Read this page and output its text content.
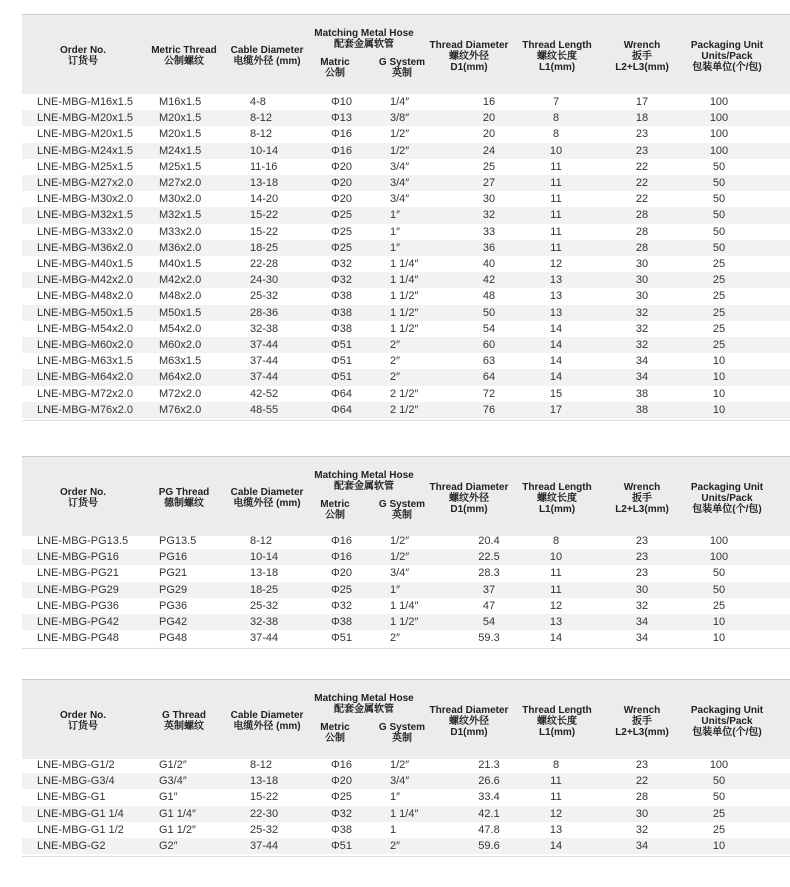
Order No.
订货号
Metric Thread
公制螺纹
Cable Diameter
电缆外径 (mm)
Matching Metal Hose
配套金属软管
Matric
公制
G System
英制
Thread Diameter
螺纹外径
D1(mm)
Thread Length
螺纹长度
L1(mm)
Wrench
扳手
L2+L3(mm)
Packaging Unit
Units/Pack
包装单位(个/包)
LNE-MBG-M16x1.5 M16x1.5	4-8	Φ10	1/4″	16	7	17	100
LNE-MBG-M20x1.5 M20x1.5	8-12	Φ13	3/8″	20	8	18	100
LNE-MBG-M20x1.5 M20x1.5	8-12	Φ16	1/2″	20	8	23	100
LNE-MBG-M24x1.5 M24x1.5	10-14	Φ16	1/2″	24	10	23	100
LNE-MBG-M25x1.5 M25x1.5	11-16	Φ20	3/4″	25	11	22	50
LNE-MBG-M27x2.0 M27x2.0	13-18	Φ20	3/4″	27	11	22	50
LNE-MBG-M30x2.0 M30x2.0	14-20	Φ20	3/4″	30	11	22	50
LNE-MBG-M32x1.5 M32x1.5	15-22	Φ25	1″	32	11	28	50
LNE-MBG-M33x2.0 M33x2.0	15-22	Φ25	1″	33	11	28	50
LNE-MBG-M36x2.0 M36x2.0	18-25	Φ25	1″	36	11	28	50
LNE-MBG-M40x1.5 M40x1.5	22-28	Φ32	1 1/4″	40	12	30	25
LNE-MBG-M42x2.0 M42x2.0	24-30	Φ32	1 1/4″	42	13	30	25
LNE-MBG-M48x2.0 M48x2.0	25-32	Φ38	1 1/2″	48	13	30	25
LNE-MBG-M50x1.5 M50x1.5	28-36	Φ38	1 1/2″	50	13	32	25
LNE-MBG-M54x2.0 M54x2.0	32-38	Φ38	1 1/2″	54	14	32	25
LNE-MBG-M60x2.0 M60x2.0	37-44	Φ51	2″	60	14	32	25
LNE-MBG-M63x1.5 M63x1.5	37-44	Φ51	2″	63	14	34	10
LNE-MBG-M64x2.0 M64x2.0	37-44	Φ51	2″	64	14	34	10
LNE-MBG-M72x2.0 M72x2.0	42-52	Φ64	2 1/2″	72	15	38	10
LNE-MBG-M76x2.0 M76x2.0	48-55	Φ64	2 1/2″	76	17	38	10
Order No.
订货号
PG Thread
德制螺纹
Cable Diameter
电缆外径 (mm)
Matching Metal Hose
配套金属软管
Metric
公制
G System
英制
Thread Diameter
螺纹外径
D1(mm)
Thread Length
螺纹长度
L1(mm)
Wrench
扳手
L2+L3(mm)
Packaging Unit
Units/Pack
包装单位(个/包)
LNE-MBG-PG13.5	PG13.5	8-12	Φ16	1/2″	20.4	8	23	100
LNE-MBG-PG16	PG16	10-14	Φ16	1/2″	22.5	10	23	100
LNE-MBG-PG21	PG21	13-18	Φ20	3/4″	28.3	11	23	50
LNE-MBG-PG29	PG29	18-25	Φ25	1″	37	11	30	50
LNE-MBG-PG36	PG36	25-32	Φ32	1 1/4″	47	12	32	25
LNE-MBG-PG42	PG42	32-38	Φ38	1 1/2″	54	13	34	10
LNE-MBG-PG48	PG48	37-44	Φ51	2″	59.3	14	34	10
Order No.
订货号
G Thread
英制螺纹
Cable Diameter
电缆外径 (mm)
Matching Metal Hose
配套金属软管
Metric
公制
G System
英制
Thread Diameter
螺纹外径
D1(mm)
Thread Length
螺纹长度
L1(mm)
Wrench
扳手
L2+L3(mm)
Packaging Unit
Units/Pack
包装单位(个/包)
LNE-MBG-G1/2	G1/2″	8-12	Φ16	1/2″	21.3	8	23	100
LNE-MBG-G3/4	G3/4″	13-18	Φ20	3/4″	26.6	11	22	50
LNE-MBG-G1	G1″	15-22	Φ25	1″	33.4	11	28	50
LNE-MBG-G1 1/4	G1 1/4″	22-30	Φ32	1 1/4″	42.1	12	30	25
LNE-MBG-G1 1/2	G1 1/2″	25-32	Φ38	1	47.8	13	32	25
LNE-MBG-G2	G2″	37-44	Φ51	2″	59.6	14	34	10
